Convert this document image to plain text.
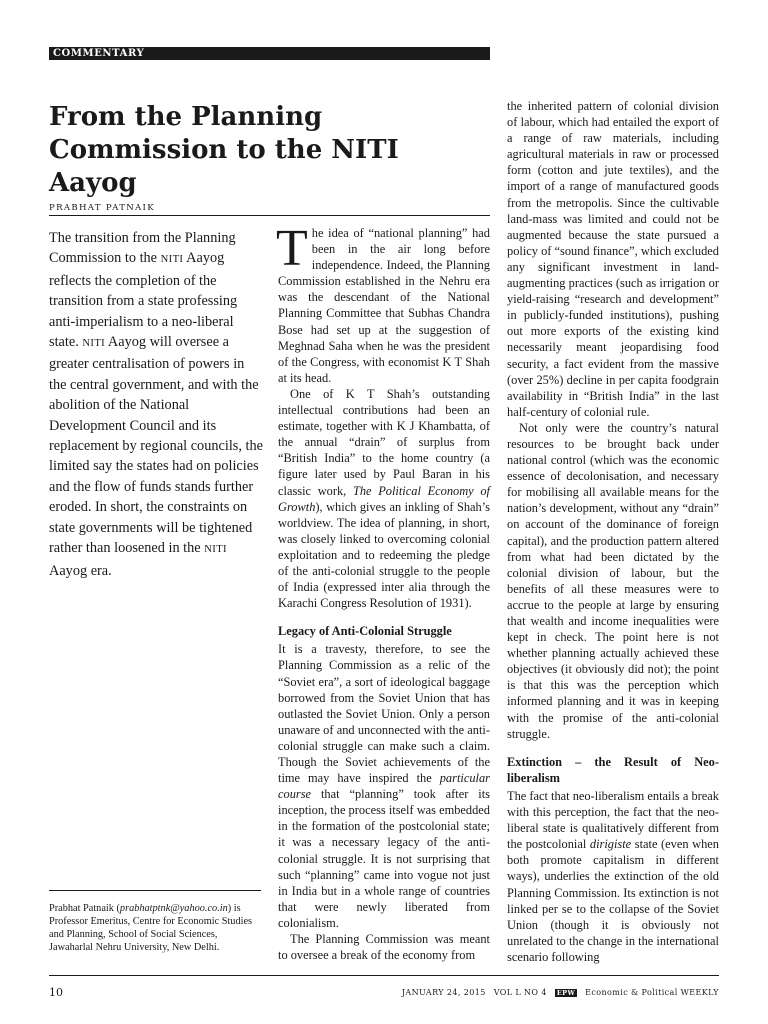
COMMENTARY
From the Planning Commission to the NITI Aayog
PRABHAT PATNAIK

The transition from the Planning Commission to the NITI Aayog reflects the completion of the transition from a state professing anti-imperialism to a neo-liberal state. NITI Aayog will oversee a greater centralisation of powers in the central government, and with the abolition of the National Development Council and its replacement by regional councils, the limited say the states had on policies and the flow of funds stands further eroded. In short, the constraints on state governments will be tightened rather than loosened in the NITI Aayog era.

Prabhat Patnaik (prabhatptnk@yahoo.co.in) is Professor Emeritus, Centre for Economic Studies and Planning, School of Social Sciences, Jawaharlal Nehru University, New Delhi.

The idea of “national planning” had been in the air long before independence. Indeed, the Planning Commission established in the Nehru era was the descendant of the National Planning Committee that Subhas Chandra Bose had set up at the suggestion of Meghnad Saha when he was the president of the Congress, with economist K T Shah at its head.

One of K T Shah’s outstanding intellectual contributions had been an estimate, together with K J Khambatta, of the annual “drain” of surplus from “British India” to the home country (a figure later used by Paul Baran in his classic work, The Political Economy of Growth), which gives an inkling of Shah’s worldview. The idea of planning, in short, was closely linked to overcoming colonial exploitation and to redeeming the pledge of the anti-colonial struggle to the people of India (expressed inter alia through the Karachi Congress Resolution of 1931).

Legacy of Anti-Colonial Struggle

It is a travesty, therefore, to see the Planning Commission as a relic of the “Soviet era”, a sort of ideological baggage borrowed from the Soviet Union that has outlasted the Soviet Union. Only a person unaware of and unconnected with the anti-colonial struggle can make such a claim. Though the Soviet achievements of the time may have inspired the particular course that “planning” took after its inception, the process itself was embedded in the formation of the postcolonial state; it was a necessary legacy of the anti-colonial struggle. It is not surprising that such “planning” came into vogue not just in India but in a whole range of countries that were newly liberated from colonialism.

The Planning Commission was meant to oversee a break of the economy from

the inherited pattern of colonial division of labour, which had entailed the export of a range of raw materials, including agricultural materials in raw or processed form (cotton and jute textiles), and the import of a range of manufactured goods from the metropolis. Since the cultivable land-mass was limited and could not be augmented because the state pursued a policy of “sound finance”, which excluded any significant investment in land-augmenting practices (such as irrigation or yield-raising “research and development” in publicly-funded institutions), pushing out more exports of the existing kind necessarily meant jeopardising food security, a fact evident from the massive (over 25%) decline in per capita foodgrain availability in “British India” in the last half-century of colonial rule.

Not only were the country’s natural resources to be brought back under national control (which was the economic essence of decolonisation, and necessary for mobilising all available means for the nation’s development, without any “drain” on account of the dominance of foreign capital), and the production pattern altered from what had been dictated by the colonial division of labour, but the benefits of all these measures were to accrue to the people at large by ensuring that wealth and income inequalities were kept in check. The point here is not whether planning actually achieved these objectives (it obviously did not); the point is that this was the perception which informed planning and it was in keeping with the promise of the anti-colonial struggle.

Extinction – the Result of Neo-liberalism

The fact that neo-liberalism entails a break with this perception, the fact that the neo-liberal state is qualitatively different from the postcolonial dirigiste state (even when both promote capitalism in different ways), underlies the extinction of the old Planning Commission. Its extinction is not linked per se to the collapse of the Soviet Union (though it is obviously not unrelated to the change in the international scenario following

10	JANUARY 24, 2015 VOL L NO 4	EPW Economic & Political WEEKLY
